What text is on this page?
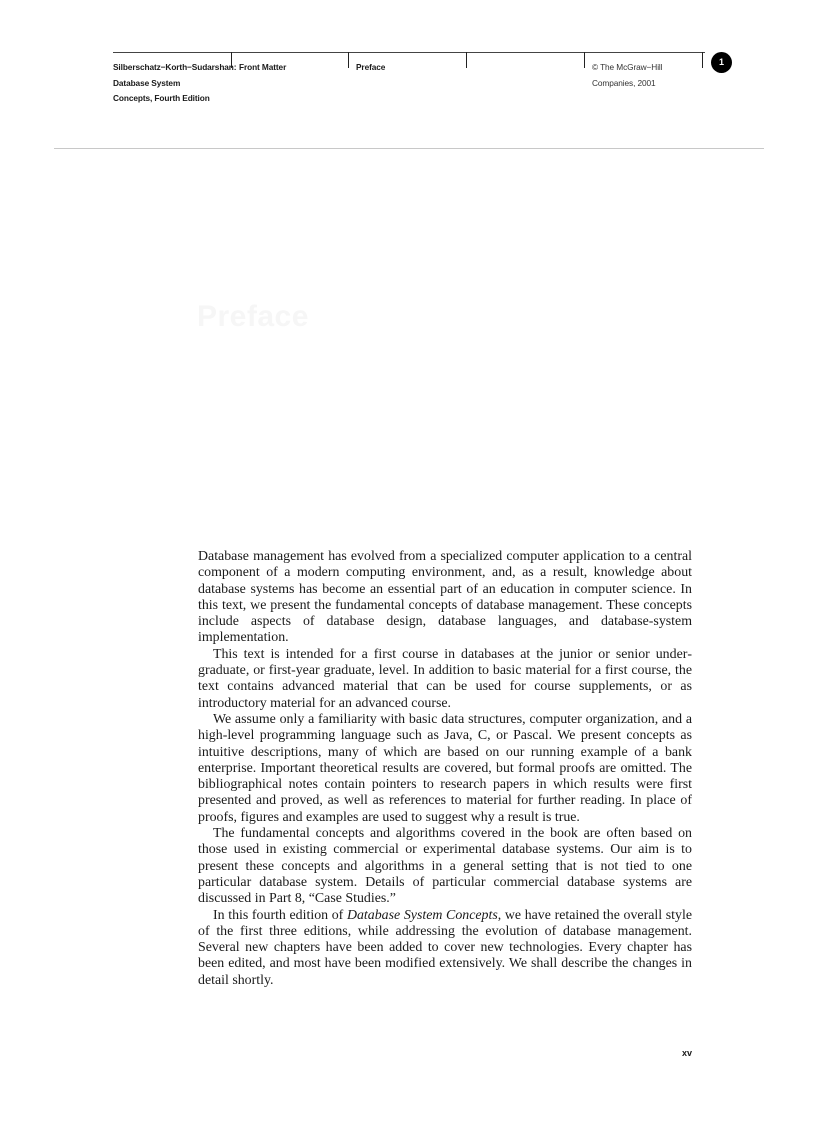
Silberschatz−Korth−Sudarshan:
Database System
Concepts, Fourth Edition
Front Matter	Preface	© The McGraw−Hill
Companies, 2001
1
Preface

Database management has evolved from a specialized computer application to a central component of a modern computing environment, and, as a result, knowledge about database systems has become an essential part of an education in computer science. In this text, we present the fundamental concepts of database management. These concepts include aspects of database design, database languages, and database-system implementation.

This text is intended for a first course in databases at the junior or senior undergraduate, or first-year graduate, level. In addition to basic material for a first course, the text contains advanced material that can be used for course supplements, or as introductory material for an advanced course.

We assume only a familiarity with basic data structures, computer organization, and a high-level programming language such as Java, C, or Pascal. We present concepts as intuitive descriptions, many of which are based on our running example of a bank enterprise. Important theoretical results are covered, but formal proofs are omitted. The bibliographical notes contain pointers to research papers in which results were first presented and proved, as well as references to material for further reading. In place of proofs, figures and examples are used to suggest why a result is true.

The fundamental concepts and algorithms covered in the book are often based on those used in existing commercial or experimental database systems. Our aim is to present these concepts and algorithms in a general setting that is not tied to one particular database system. Details of particular commercial database systems are discussed in Part 8, “Case Studies.”

In this fourth edition of Database System Concepts, we have retained the overall style of the first three editions, while addressing the evolution of database management. Several new chapters have been added to cover new technologies. Every chapter has been edited, and most have been modified extensively. We shall describe the changes in detail shortly.

xv
